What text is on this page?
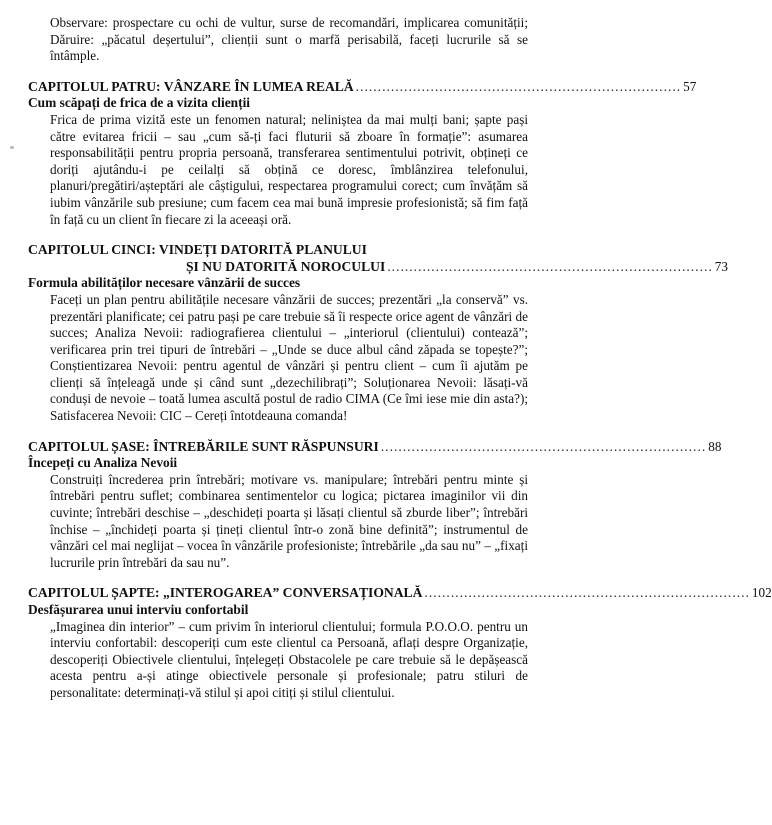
Observare: prospectare cu ochi de vultur, surse de recomandări, implicarea comunității; Dăruire: „păcatul deșertului”, clienții sunt o marfă perisabilă, faceți lucrurile să se întâmple.

CAPITOLUL PATRU: VÂNZARE ÎN LUMEA REALĂ .......................................................................... 57

Cum scăpați de frica de a vizita clienții

Frica de prima vizită este un fenomen natural; nelinișteа da mai mulți bani; șapte pași către evitarea fricii – sau „cum să-ți faci fluturii să zboare în formație”: asumarea responsabilității pentru propria persoană, transferarea sentimentului potrivit, obțineți ce doriți ajutându-i pe ceilalți să obțină ce doresc, îmblânzirea telefonului, planuri/pregătiri/așteptări ale câștigului, respectarea programului corect; cum învățăm să iubim vânzările sub presiune; cum facem cea mai bună impresie profesionistă; să fim față în față cu un client în fiecare zi la aceeași oră.

CAPITOLUL CINCI: VINDEȚI DATORITĂ PLANULUI
ȘI NU DATORITĂ NOROCULUI .......................................................................... 73

Formula abilităților necesare vânzării de succes

Faceți un plan pentru abilitățile necesare vânzării de succes; prezentări „la conservă” vs. prezentări planificate; cei patru pași pe care trebuie să îi respecte orice agent de vânzări de succes; Analiza Nevoii: radiografierea clientului – „interiorul (clientului) contează”; verificarea prin trei tipuri de întrebări – „Unde se duce albul când zăpada se topește?”; Conștientizarea Nevoii: pentru agentul de vânzări și pentru client – cum îi ajutăm pe clienți să înțeleagă unde și când sunt „dezechilibrați”; Soluționarea Nevoii: lăsați-vă conduși de nevoie – toată lumea ascultă postul de radio CIMA (Ce îmi iese mie din asta?); Satisfacerea Nevoii: CIC – Cereți întotdeauna comanda!

CAPITOLUL ȘASE: ÎNTREBĂRILE SUNT RĂSPUNSURI .......................................................................... 88

Începeți cu Analiza Nevoii

Construiți încrederea prin întrebări; motivare vs. manipulare; întrebări pentru minte și întrebări pentru suflet; combinarea sentimentelor cu logica; pictarea imaginilor vii din cuvinte; întrebări deschise – „deschideți poarta și lăsați clientul să zburde liber”; întrebări închise – „închideți poarta și țineți clientul într-o zonă bine definită”; instrumentul de vânzări cel mai neglijat – vocea în vânzările profesioniste; întrebările „da sau nu” – „fixați lucrurile prin întrebări da sau nu”.

CAPITOLUL ȘAPTE: „INTEROGAREA” CONVERSAȚIONALĂ .......................................................................... 102

Desfășurarea unui interviu confortabil

„Imaginea din interior” – cum privim în interiorul clientului; formula P.O.O.O. pentru un interviu confortabil: descoperiți cum este clientul ca Persoană, aflați despre Organizație, descoperiți Obiectivele clientului, înțelegeți Obstacolele pe care trebuie să le depășească acesta pentru a-și atinge obiectivele personale și profesionale; patru stiluri de personalitate: determinați-vă stilul și apoi citiți și stilul clientului.
